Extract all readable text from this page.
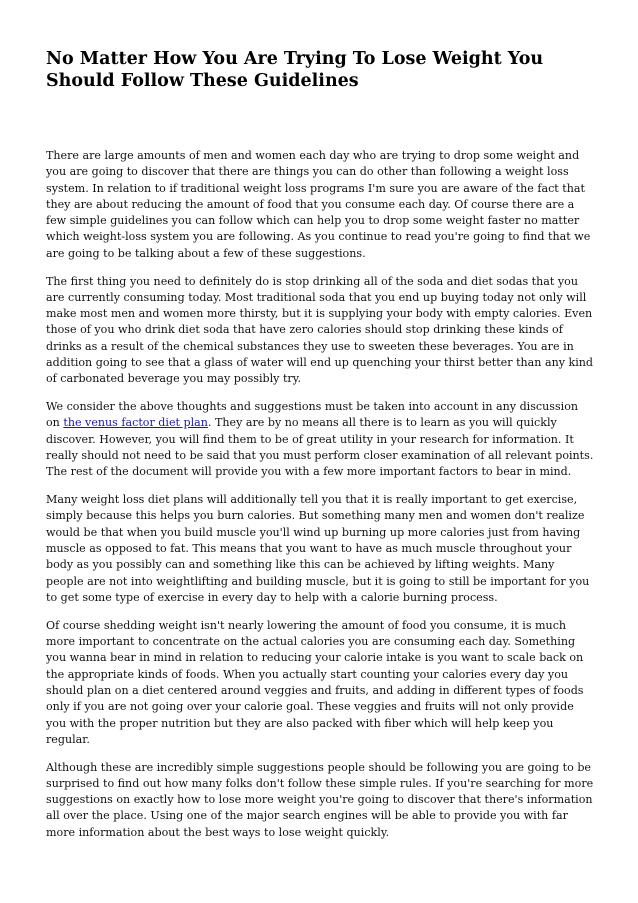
No Matter How You Are Trying To Lose Weight You Should Follow These Guidelines

There are large amounts of men and women each day who are trying to drop some weight and you are going to discover that there are things you can do other than following a weight loss system. In relation to if traditional weight loss programs I'm sure you are aware of the fact that they are about reducing the amount of food that you consume each day. Of course there are a few simple guidelines you can follow which can help you to drop some weight faster no matter which weight-loss system you are following. As you continue to read you're going to find that we are going to be talking about a few of these suggestions.

The first thing you need to definitely do is stop drinking all of the soda and diet sodas that you are currently consuming today. Most traditional soda that you end up buying today not only will make most men and women more thirsty, but it is supplying your body with empty calories. Even those of you who drink diet soda that have zero calories should stop drinking these kinds of drinks as a result of the chemical substances they use to sweeten these beverages. You are in addition going to see that a glass of water will end up quenching your thirst better than any kind of carbonated beverage you may possibly try.

We consider the above thoughts and suggestions must be taken into account in any discussion on the venus factor diet plan. They are by no means all there is to learn as you will quickly discover. However, you will find them to be of great utility in your research for information. It really should not need to be said that you must perform closer examination of all relevant points. The rest of the document will provide you with a few more important factors to bear in mind.

Many weight loss diet plans will additionally tell you that it is really important to get exercise, simply because this helps you burn calories. But something many men and women don't realize would be that when you build muscle you'll wind up burning up more calories just from having muscle as opposed to fat. This means that you want to have as much muscle throughout your body as you possibly can and something like this can be achieved by lifting weights. Many people are not into weightlifting and building muscle, but it is going to still be important for you to get some type of exercise in every day to help with a calorie burning process.

Of course shedding weight isn't nearly lowering the amount of food you consume, it is much more important to concentrate on the actual calories you are consuming each day. Something you wanna bear in mind in relation to reducing your calorie intake is you want to scale back on the appropriate kinds of foods. When you actually start counting your calories every day you should plan on a diet centered around veggies and fruits, and adding in different types of foods only if you are not going over your calorie goal. These veggies and fruits will not only provide you with the proper nutrition but they are also packed with fiber which will help keep you regular.

Although these are incredibly simple suggestions people should be following you are going to be surprised to find out how many folks don't follow these simple rules. If you're searching for more suggestions on exactly how to lose more weight you're going to discover that there's information all over the place. Using one of the major search engines will be able to provide you with far more information about the best ways to lose weight quickly.
